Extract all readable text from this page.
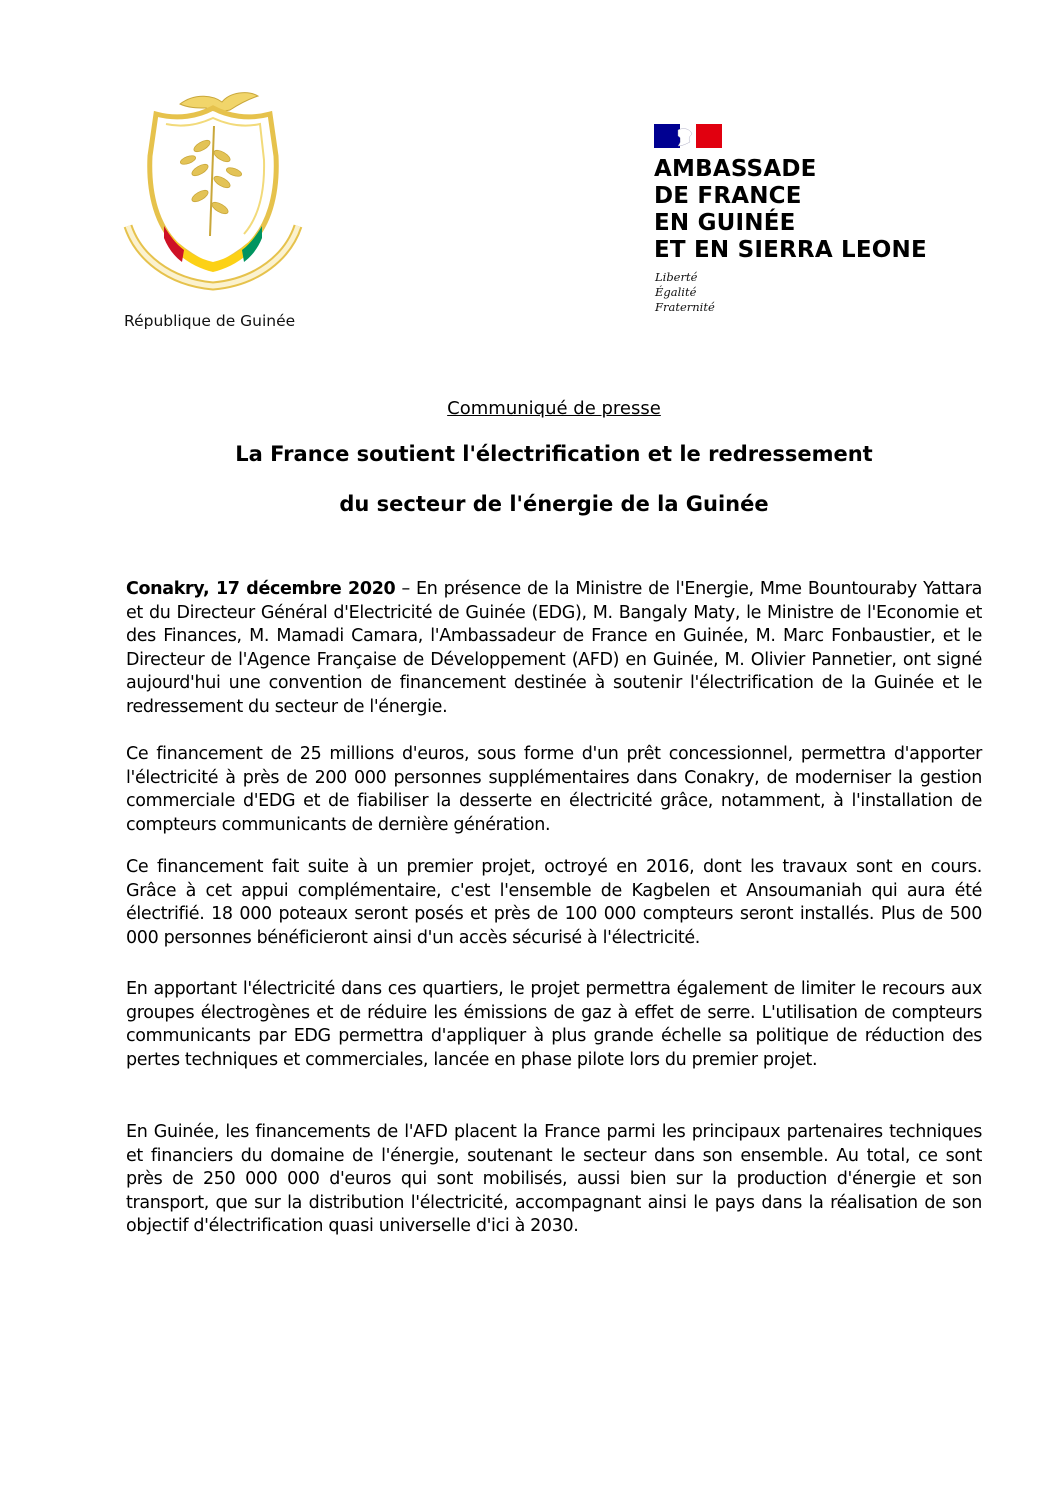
République de Guinée
AMBASSADE
DE FRANCE
EN GUINÉE
ET EN SIERRA LEONE
Liberté
Égalité
Fraternité
Communiqué de presse
La France soutient l'électrification et le redressement
du secteur de l'énergie de la Guinée

Conakry, 17 décembre 2020 – En présence de la Ministre de l'Energie, Mme Bountouraby Yattara et du Directeur Général d'Electricité de Guinée (EDG), M. Bangaly Maty, le Ministre de l'Economie et des Finances, M. Mamadi Camara, l'Ambassadeur de France en Guinée, M. Marc Fonbaustier, et le Directeur de l'Agence Française de Développement (AFD) en Guinée, M. Olivier Pannetier, ont signé aujourd'hui une convention de financement destinée à soutenir l'électrification de la Guinée et le redressement du secteur de l'énergie.

Ce financement de 25 millions d'euros, sous forme d'un prêt concessionnel, permettra d'apporter l'électricité à près de 200 000 personnes supplémentaires dans Conakry, de moderniser la gestion commerciale d'EDG et de fiabiliser la desserte en électricité grâce, notamment, à l'installation de compteurs communicants de dernière génération.

Ce financement fait suite à un premier projet, octroyé en 2016, dont les travaux sont en cours. Grâce à cet appui complémentaire, c'est l'ensemble de Kagbelen et Ansoumaniah qui aura été électrifié. 18 000 poteaux seront posés et près de 100 000 compteurs seront installés. Plus de 500 000 personnes bénéficieront ainsi d'un accès sécurisé à l'électricité.

En apportant l'électricité dans ces quartiers, le projet permettra également de limiter le recours aux groupes électrogènes et de réduire les émissions de gaz à effet de serre. L'utilisation de compteurs communicants par EDG permettra d'appliquer à plus grande échelle sa politique de réduction des pertes techniques et commerciales, lancée en phase pilote lors du premier projet.

En Guinée, les financements de l'AFD placent la France parmi les principaux partenaires techniques et financiers du domaine de l'énergie, soutenant le secteur dans son ensemble. Au total, ce sont près de 250 000 000 d'euros qui sont mobilisés, aussi bien sur la production d'énergie et son transport, que sur la distribution l'électricité, accompagnant ainsi le pays dans la réalisation de son objectif d'électrification quasi universelle d'ici à 2030.
